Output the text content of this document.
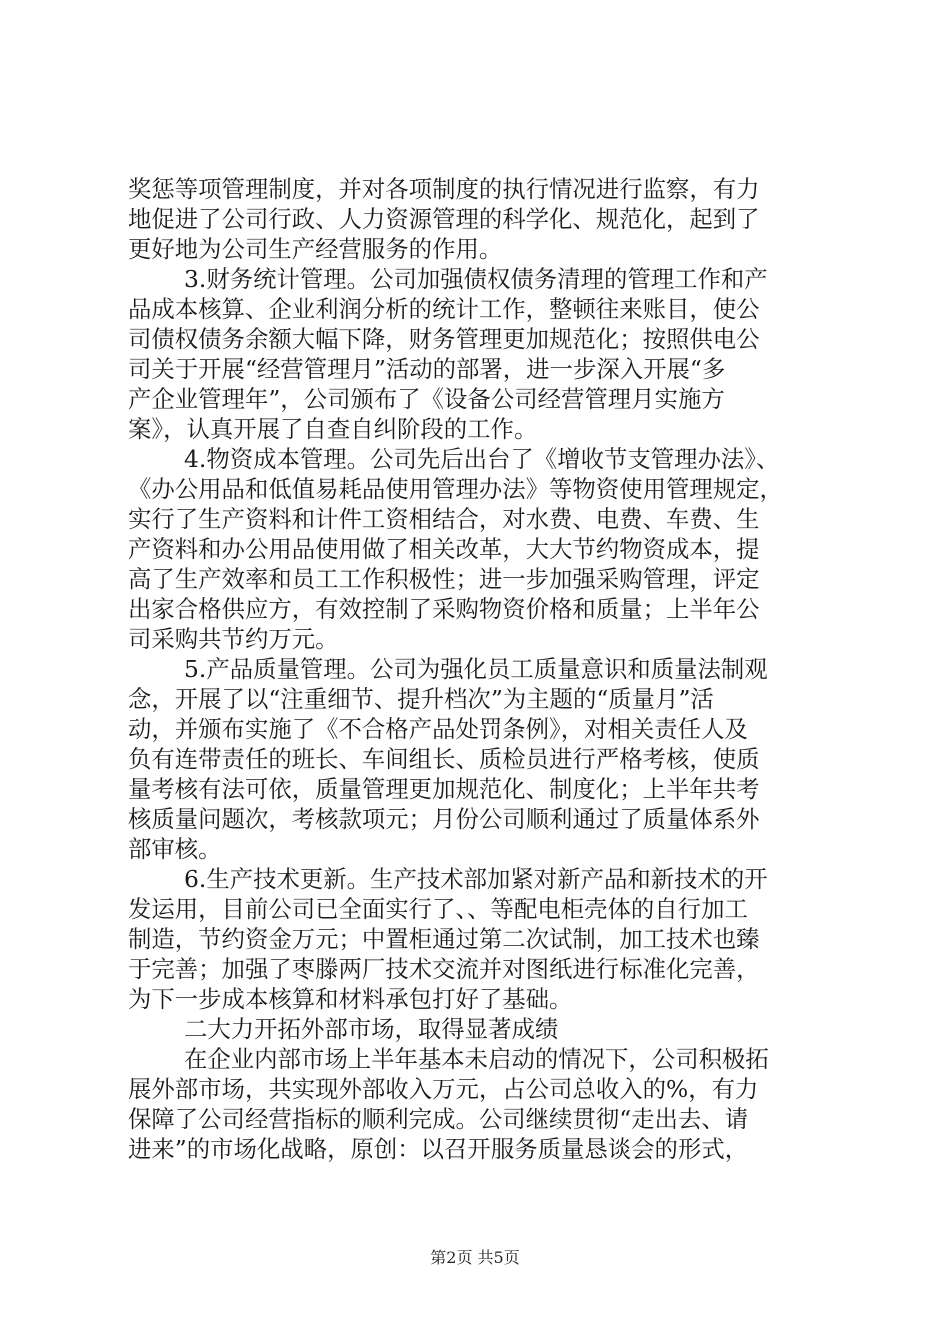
奖惩等项管理制度，并对各项制度的执行情况进行监察，有力
地促进了公司行政、人力资源管理的科学化、规范化，起到了
更好地为公司生产经营服务的作用。
3.财务统计管理。公司加强债权债务清理的管理工作和产
品成本核算、企业利润分析的统计工作，整顿往来账目，使公
司债权债务余额大幅下降，财务管理更加规范化；按照供电公
司关于开展“经营管理月”活动的部署，进一步深入开展“多
产企业管理年”，公司颁布了《设备公司经营管理月实施方
案》，认真开展了自查自纠阶段的工作。
4.物资成本管理。公司先后出台了《增收节支管理办法》、
《办公用品和低值易耗品使用管理办法》等物资使用管理规定，
实行了生产资料和计件工资相结合，对水费、电费、车费、生
产资料和办公用品使用做了相关改革，大大节约物资成本，提
高了生产效率和员工工作积极性；进一步加强采购管理，评定
出家合格供应方，有效控制了采购物资价格和质量；上半年公
司采购共节约万元。
5.产品质量管理。公司为强化员工质量意识和质量法制观
念，开展了以“注重细节、提升档次”为主题的“质量月”活
动，并颁布实施了《不合格产品处罚条例》，对相关责任人及
负有连带责任的班长、车间组长、质检员进行严格考核，使质
量考核有法可依，质量管理更加规范化、制度化；上半年共考
核质量问题次，考核款项元；月份公司顺利通过了质量体系外
部审核。
6.生产技术更新。生产技术部加紧对新产品和新技术的开
发运用，目前公司已全面实行了、、等配电柜壳体的自行加工
制造，节约资金万元；中置柜通过第二次试制，加工技术也臻
于完善；加强了枣滕两厂技术交流并对图纸进行标准化完善，
为下一步成本核算和材料承包打好了基础。
二大力开拓外部市场，取得显著成绩
在企业内部市场上半年基本未启动的情况下，公司积极拓
展外部市场，共实现外部收入万元，占公司总收入的%，有力
保障了公司经营指标的顺利完成。公司继续贯彻“走出去、请
进来”的市场化战略，原创：以召开服务质量恳谈会的形式，
第2页 共5页
